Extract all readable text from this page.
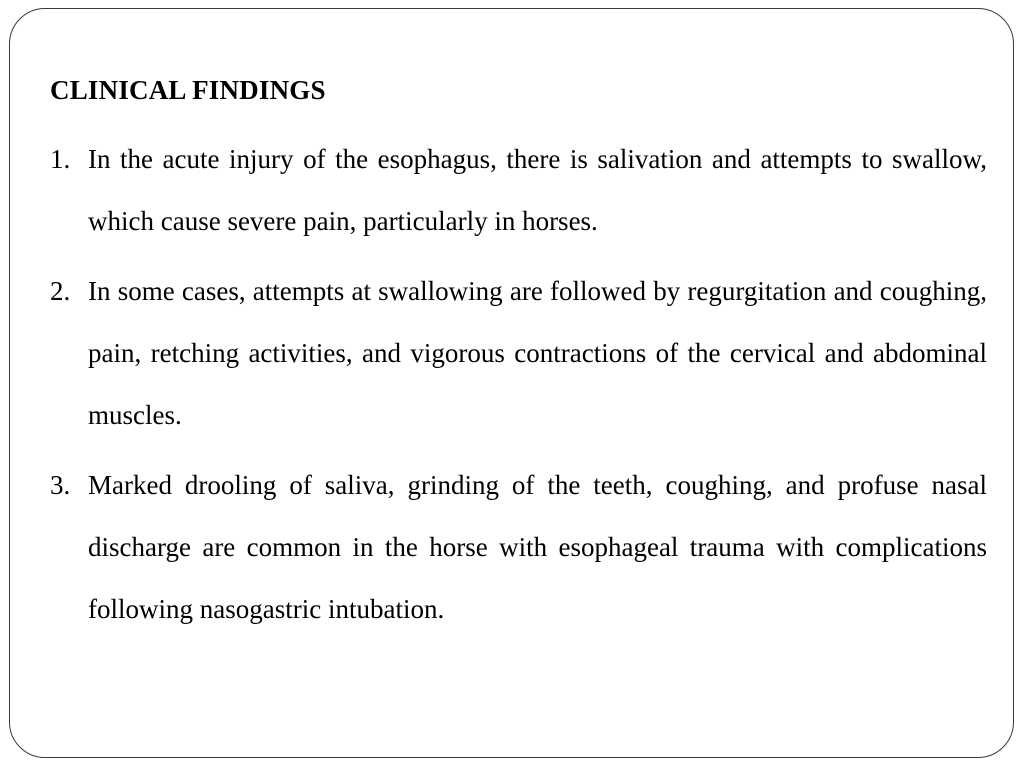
CLINICAL FINDINGS
1. In the acute injury of the esophagus, there is salivation and attempts to swallow, which cause severe pain, particularly in horses.
2. In some cases, attempts at swallowing are followed by regurgitation and coughing, pain, retching activities, and vigorous contractions of the cervical and abdominal muscles.
3. Marked drooling of saliva, grinding of the teeth, coughing, and profuse nasal discharge are common in the horse with esophageal trauma with complications following nasogastric intubation.
